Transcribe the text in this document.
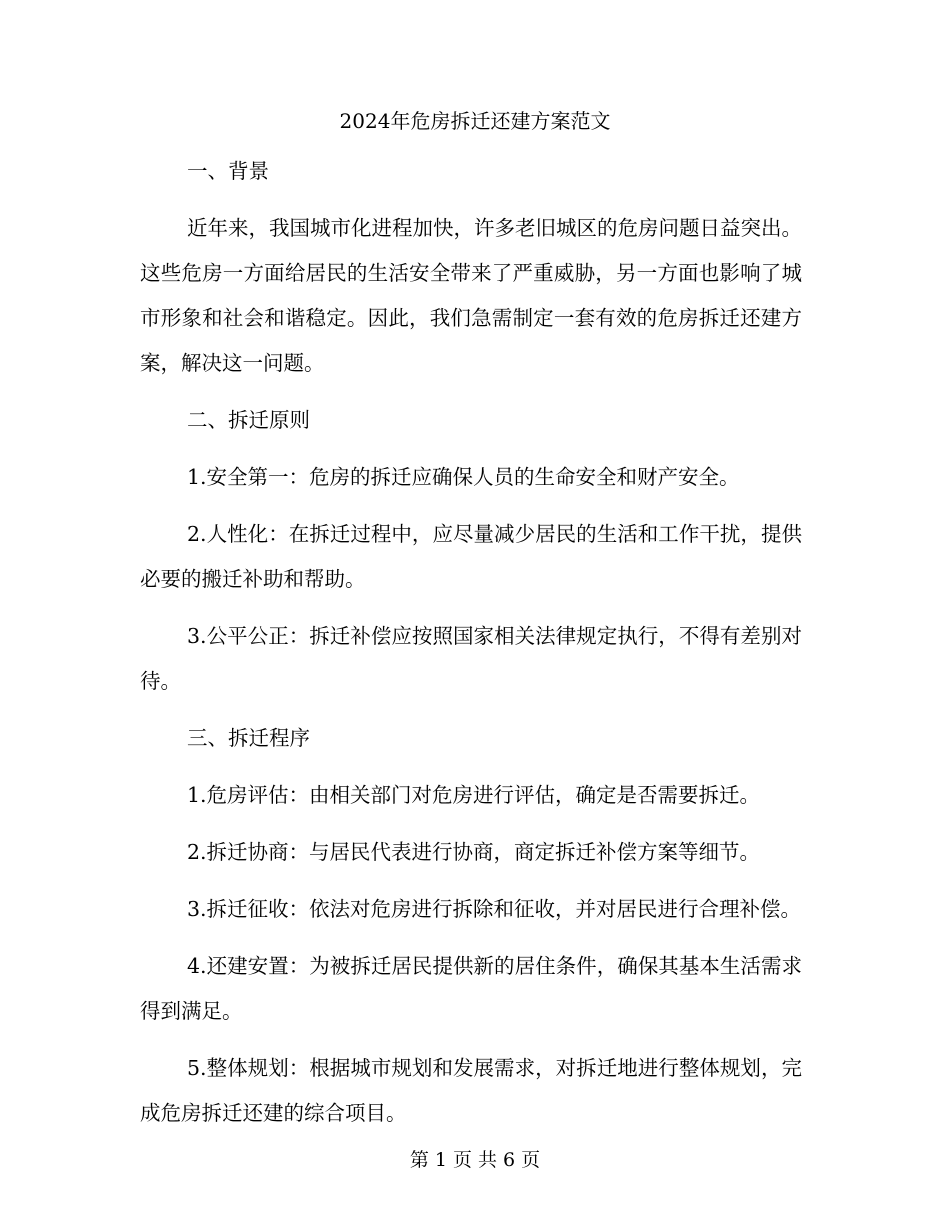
2024年危房拆迁还建方案范文

一、背景

近年来，我国城市化进程加快，许多老旧城区的危房问题日益突出。这些危房一方面给居民的生活安全带来了严重威胁，另一方面也影响了城市形象和社会和谐稳定。因此，我们急需制定一套有效的危房拆迁还建方案，解决这一问题。

二、拆迁原则

1.安全第一：危房的拆迁应确保人员的生命安全和财产安全。

2.人性化：在拆迁过程中，应尽量减少居民的生活和工作干扰，提供必要的搬迁补助和帮助。

3.公平公正：拆迁补偿应按照国家相关法律规定执行，不得有差别对待。

三、拆迁程序

1.危房评估：由相关部门对危房进行评估，确定是否需要拆迁。

2.拆迁协商：与居民代表进行协商，商定拆迁补偿方案等细节。

3.拆迁征收：依法对危房进行拆除和征收，并对居民进行合理补偿。

4.还建安置：为被拆迁居民提供新的居住条件，确保其基本生活需求得到满足。

5.整体规划：根据城市规划和发展需求，对拆迁地进行整体规划，完成危房拆迁还建的综合项目。

第 1 页 共 6 页
